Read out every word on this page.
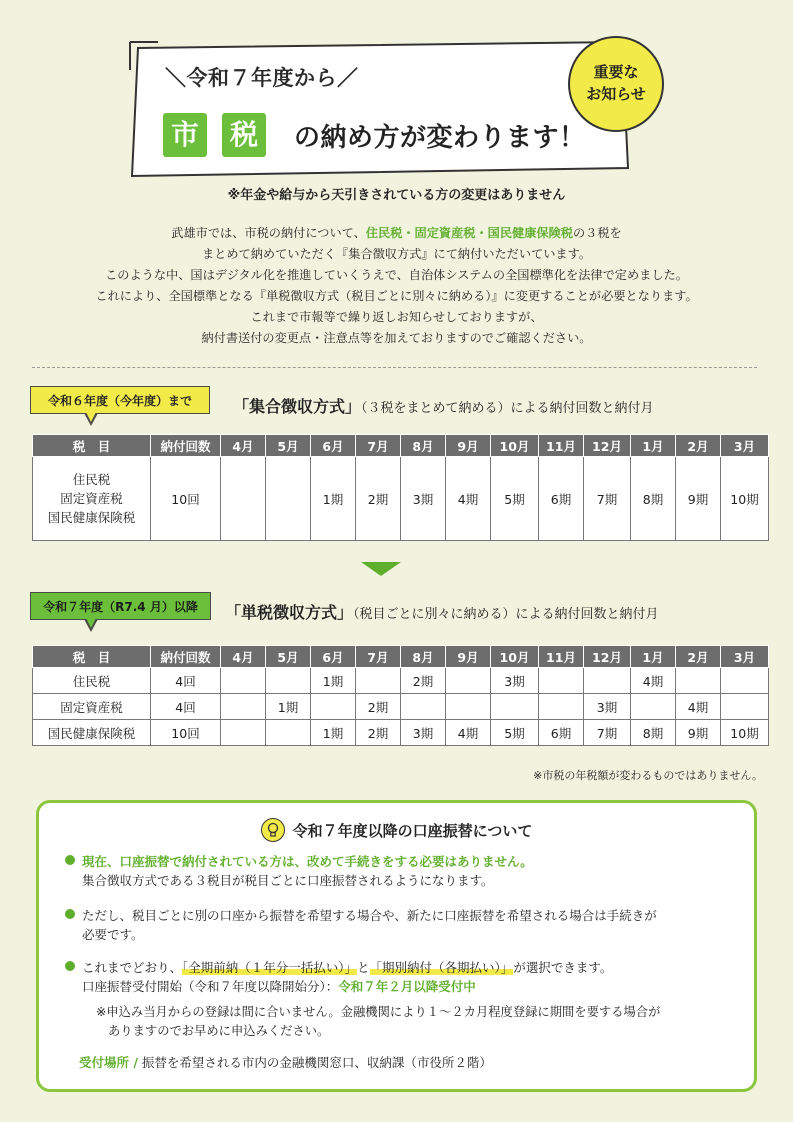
＼令和７年度から／
市 税	の納め方が変わります！
重要な
お知らせ
※年金や給与から天引きされている方の変更はありません
武雄市では、市税の納付について、住民税・固定資産税・国民健康保険税の３税を
まとめて納めていただく『集合徴収方式』にて納付いただいています。
このような中、国はデジタル化を推進していくうえで、自治体システムの全国標準化を法律で定めました。
これにより、全国標準となる『単税徴収方式（税目ごとに別々に納める）』に変更することが必要となります。
これまで市報等で繰り返しお知らせしておりますが、
納付書送付の変更点・注意点等を加えておりますのでご確認ください。
令和６年度（今年度）まで	「集合徴収方式」（３税をまとめて納める）による納付回数と納付月
税　目	納付回数	4月	5月	6月	7月	8月	9月	10月	11月	12月	1月	2月	3月

住民税
固定資産税
国民健康保険税	10回			1期	2期	3期	4期	5期	6期	7期	8期	9期	10期
令和７年度（R7.4 月）以降	「単税徴収方式」（税目ごとに別々に納める）による納付回数と納付月
税　目	納付回数	4月	5月	6月	7月	8月	9月	10月	11月	12月	1月	2月	3月
住民税	4回			1期		2期		3期			4期		
固定資産税	4回		1期		2期					3期		4期	
国民健康保険税	10回			1期	2期	3期	4期	5期	6期	7期	8期	9期	10期
※市税の年税額が変わるものではありません。
令和７年度以降の口座振替について
現在、口座振替で納付されている方は、改めて手続きをする必要はありません。
集合徴収方式である３税目が税目ごとに口座振替されるようになります。
ただし、税目ごとに別の口座から振替を希望する場合や、新たに口座振替を希望される場合は手続きが
必要です。
これまでどおり、「全期前納（１年分一括払い）」と「期別納付（各期払い）」が選択できます。
口座振替受付開始（令和７年度以降開始分）：令和７年２月以降受付中
※申込み当月からの登録は間に合いません。金融機関により１～２カ月程度登録に期間を要する場合が
ありますのでお早めに申込みください。
受付場所 / 振替を希望される市内の金融機関窓口、収納課（市役所２階）
